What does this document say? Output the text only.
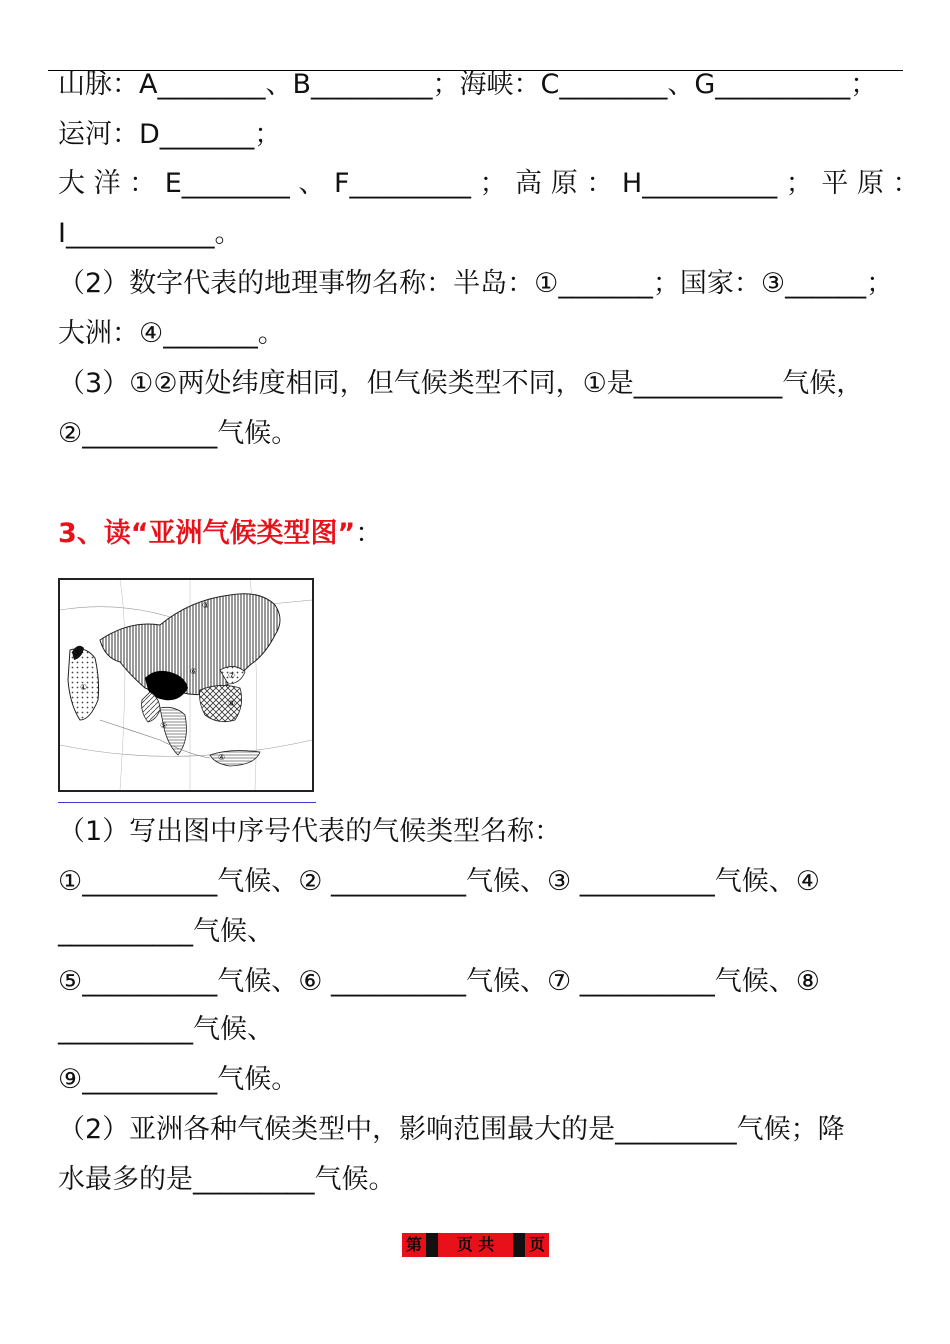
山脉：A________、B_________；海峡：C________、G__________；
运河：D_______；
大 洋 ： E________ 、 F_________ ； 高 原 ： H__________ ； 平 原 ：
I___________。
（2）数字代表的地理事物名称：半岛：①_______；国家：③______；
大洲：④_______。
（3）①②两处纬度相同，但气候类型不同，①是___________气候，
②__________气候。
3、读“亚洲气候类型图”：
③
②
①
⑥
⑨
⑦
⑧
⑤
④
（1）写出图中序号代表的气候类型名称：
①__________气候、② __________气候、③ __________气候、④
__________气候、
⑤__________气候、⑥ __________气候、⑦ __________气候、⑧
__________气候、
⑨__________气候。
（2）亚洲各种气候类型中，影响范围最大的是_________气候；降
水最多的是_________气候。
第	页 共	页
